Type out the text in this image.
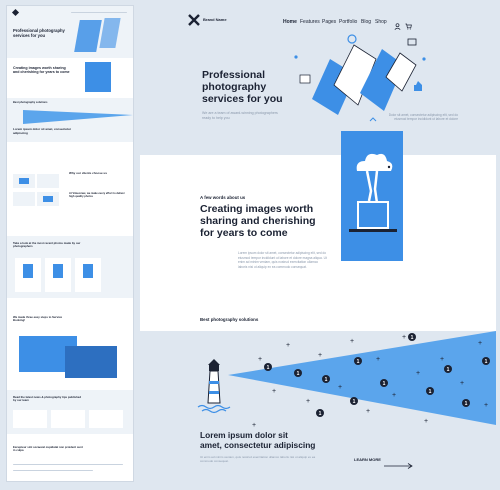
Professional photography services for you
Creating images worth sharing and cherishing for years to come
Best photography solutions
Lorem ipsum dolor sit amet, consectetur adipiscing
Why our clients choose us
At Vimeomax, we make every effort to deliver high quality photos
Take a look at the most recent photos made by our photographers
We made three easy steps to Service Booking!
Read the latest news & photography tips published by our team
Excepteur sint occaecat cupidatat non proident sunt in culpa
Brand Name	Home Features Pages Portfolio Blog Shop
Professional
photography
services for you
We are a team of award-winning photographers ready to help you
Dolor sit amet, consectetur adipiscing elit, sed do eiusmod tempor incididunt ut labore et dolore
A few words about us
Creating images worth
sharing and cherishing
for years to come
Lorem ipsum dolor sit amet, consectetur adipiscing elit, sed do eiusmod tempor incididunt ut labore et dolore magna aliqua. Ut enim ad minim veniam, quis nostrud exercitation ullamco laboris nisi ut aliquip ex ea commodo consequat.
Best photography solutions
+
+
+
+
+
+
+
+
+
+
+
+
+
+
+
+
+
+
1
1
1
1
1
1
1
1
1
1
1
1
Lorem ipsum dolor sit
amet, consectetur adipiscing
Ut enim ad minim veniam, quis nostrud exercitation ullamco laboris nisi ut aliquip ex ea commodo consequat.	LEARN MORE
